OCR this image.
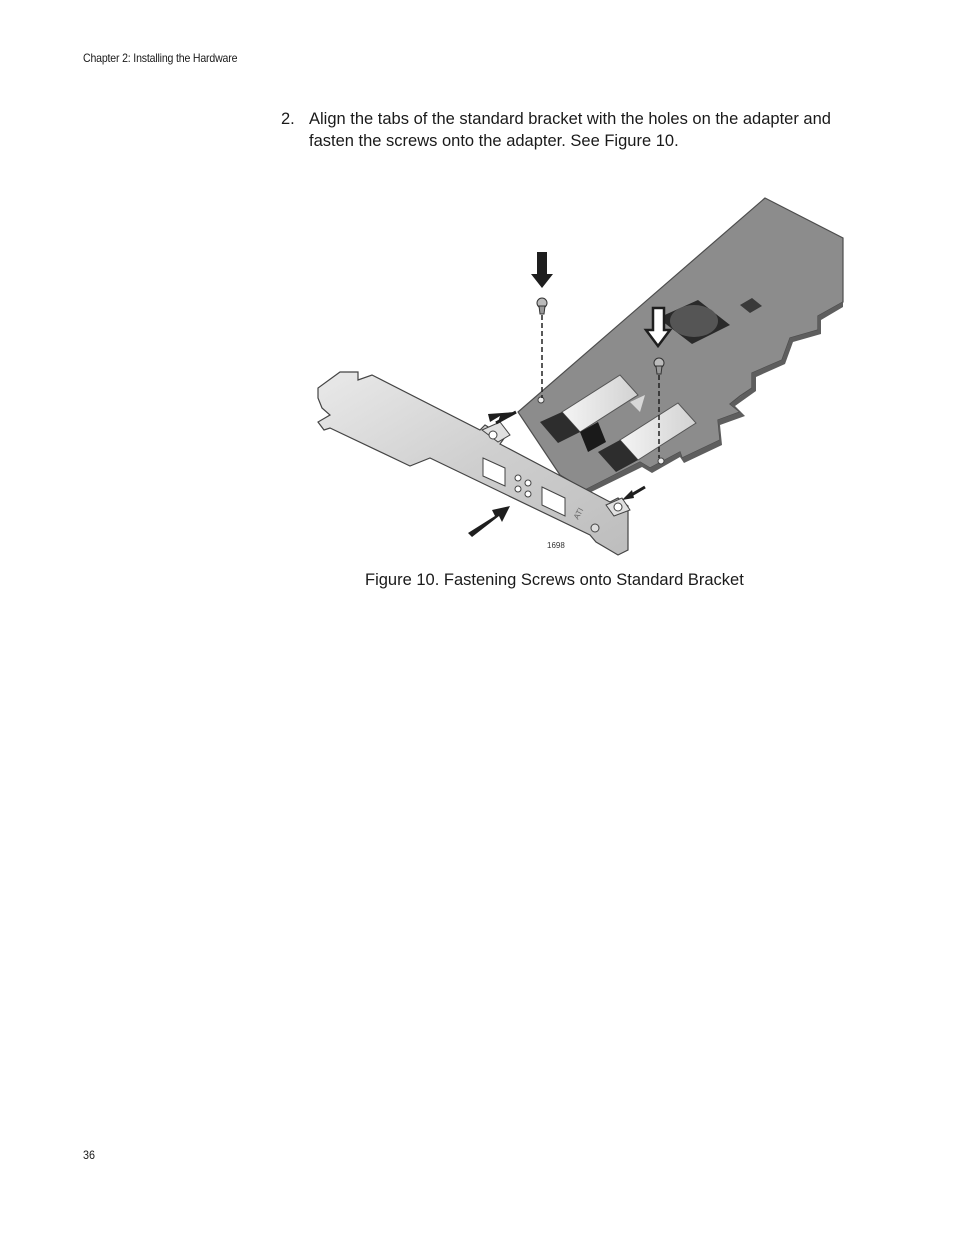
Chapter 2: Installing the Hardware
2. Align the tabs of the standard bracket with the holes on the adapter and fasten the screws onto the adapter. See Figure 10.
ATI
1698
Figure 10. Fastening Screws onto Standard Bracket
36
